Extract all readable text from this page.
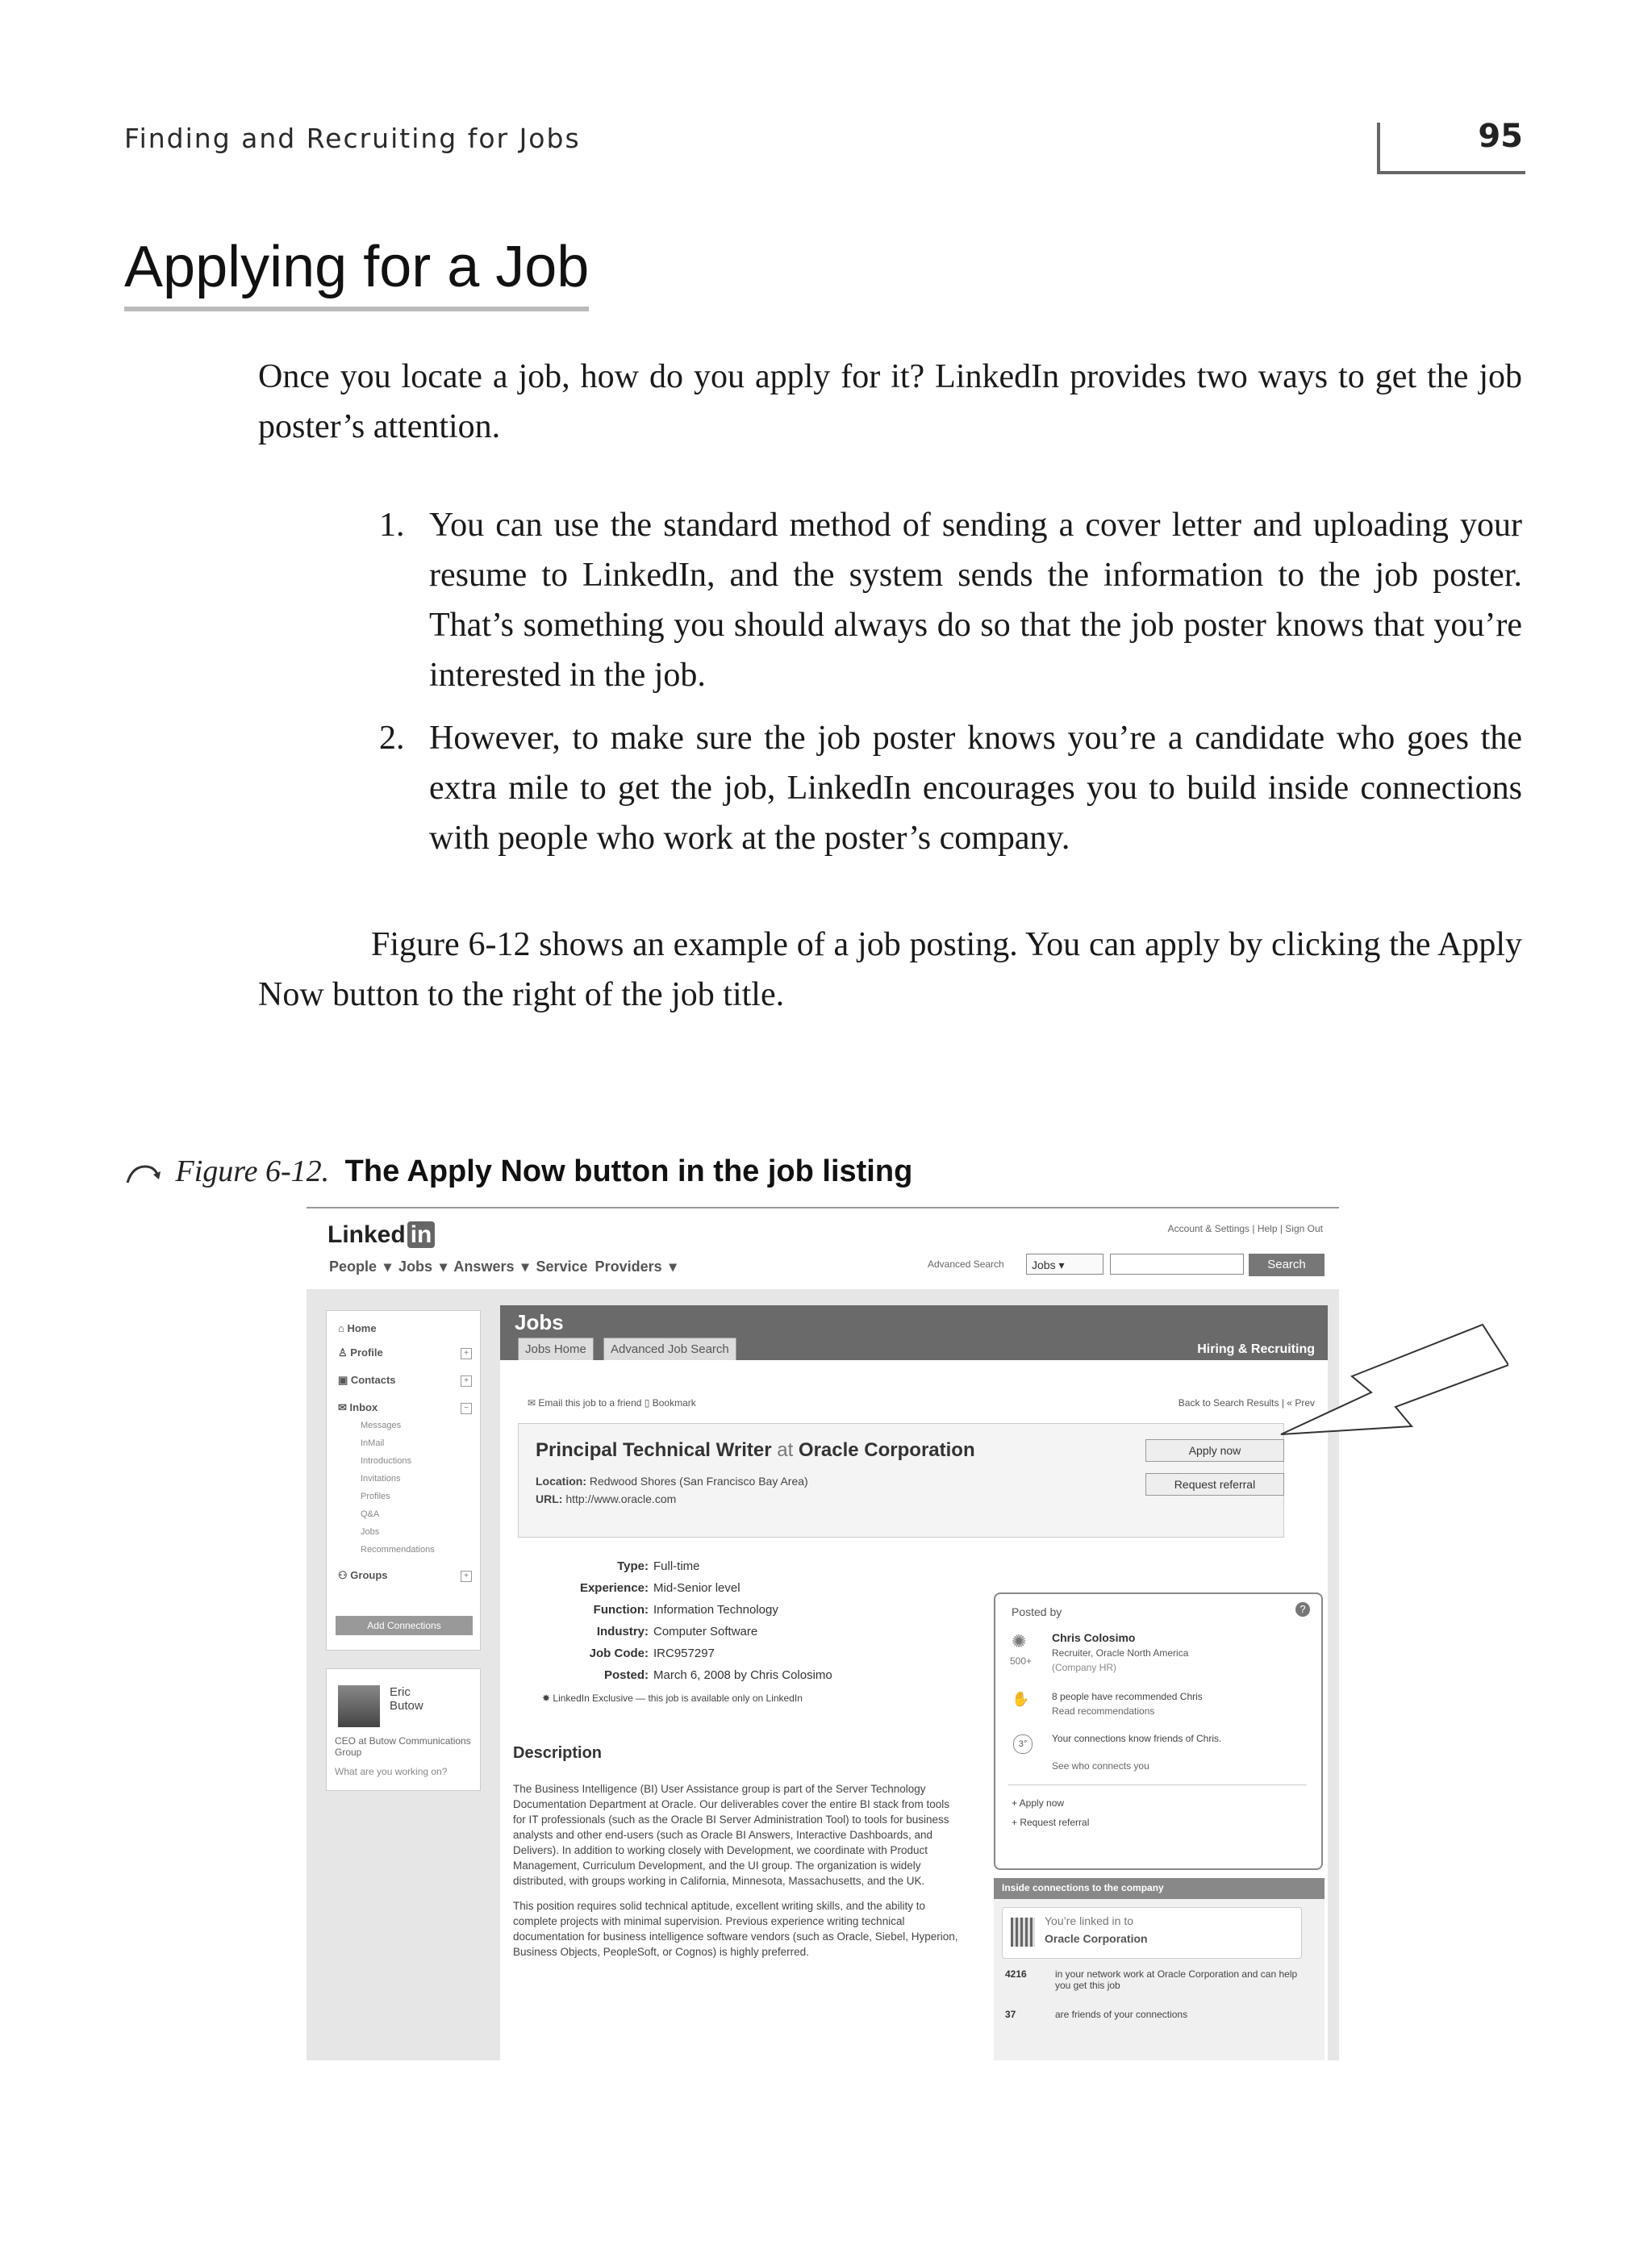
Finding and Recruiting for Jobs	95
Applying for a Job
Once you locate a job, how do you apply for it? LinkedIn provides two ways to get the job poster’s attention.
1. You can use the standard method of sending a cover letter and uploading your resume to LinkedIn, and the system sends the information to the job poster. That’s something you should always do so that the job poster knows that you’re interested in the job.
2. However, to make sure the job poster knows you’re a candidate who goes the extra mile to get the job, LinkedIn encourages you to build inside connections with people who work at the poster’s company.
Figure 6-12 shows an example of a job posting. You can apply by clicking the Apply Now button to the right of the job title.
Figure 6-12. The Apply Now button in the job listing
Linked in	Account & Settings | Help | Sign Out
People ▾ Jobs ▾ Answers ▾ Service Providers ▾	Advanced Search	Jobs ▾	Search
⌂ Home
♙ Profile	+
▣ Contacts	+
✉ Inbox	−
Messages
InMail
Introductions
Invitations
Profiles
Q&A
Jobs
Recommendations
⚇ Groups	+
Add Connections
Eric
Butow
CEO at Butow Communications Group
What are you working on?
Jobs
Jobs Home	Advanced Job Search	Hiring & Recruiting
✉ Email this job to a friend ▯ Bookmark	Back to Search Results | « Prev
Principal Technical Writer at Oracle Corporation
Location: Redwood Shores (San Francisco Bay Area)
URL: http://www.oracle.com
Apply now
Request referral
Type: Full-time
Experience: Mid-Senior level
Function: Information Technology
Industry: Computer Software
Job Code: IRC957297
Posted: March 6, 2008 by Chris Colosimo
✸ LinkedIn Exclusive — this job is available only on LinkedIn
Description

The Business Intelligence (BI) User Assistance group is part of the Server Technology Documentation Department at Oracle. Our deliverables cover the entire BI stack from tools for IT professionals (such as the Oracle BI Server Administration Tool) to tools for business analysts and other end-users (such as Oracle BI Answers, Interactive Dashboards, and Delivers). In addition to working closely with Development, we coordinate with Product Management, Curriculum Development, and the UI group. The organization is widely distributed, with groups working in California, Minnesota, Massachusetts, and the UK.

This position requires solid technical aptitude, excellent writing skills, and the ability to complete projects with minimal supervision. Previous experience writing technical documentation for business intelligence software vendors (such as Oracle, Siebel, Hyperion, Business Objects, PeopleSoft, or Cognos) is highly preferred.

Posted by	?
✺
500+
Chris Colosimo
Recruiter, Oracle North America
(Company HR)
✋ 8 people have recommended Chris
Read recommendations
3°	Your connections know friends of Chris.
See who connects you
+ Apply now
+ Request referral
Inside connections to the company
You’re linked in to
Oracle Corporation
4216	in your network work at Oracle Corporation and can help you get this job
37	are friends of your connections
